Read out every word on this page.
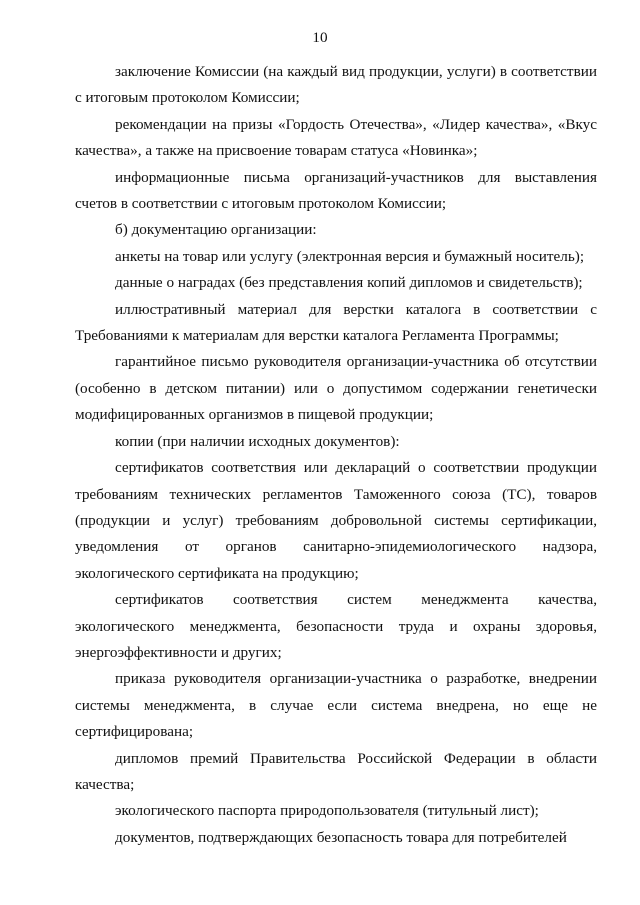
10

заключение Комиссии (на каждый вид продукции, услуги) в соответствии с итоговым протоколом Комиссии;

рекомендации на призы «Гордость Отечества», «Лидер качества», «Вкус качества», а также на присвоение товарам статуса «Новинка»;

информационные письма организаций-участников для выставления счетов в соответствии с итоговым протоколом Комиссии;

б) документацию организации:

анкеты на товар или услугу (электронная версия и бумажный носитель);

данные о наградах (без представления копий дипломов и свидетельств);

иллюстративный материал для верстки каталога в соответствии с Требованиями к материалам для верстки каталога Регламента Программы;

гарантийное письмо руководителя организации-участника об отсутствии (особенно в детском питании) или о допустимом содержании генетически модифицированных организмов в пищевой продукции;

копии (при наличии исходных документов):

сертификатов соответствия или деклараций о соответствии продукции требованиям технических регламентов Таможенного союза (ТС), товаров (продукции и услуг) требованиям добровольной системы сертификации, уведомления от органов санитарно-эпидемиологического надзора, экологического сертификата на продукцию;

сертификатов соответствия систем менеджмента качества, экологического менеджмента, безопасности труда и охраны здоровья, энергоэффективности и других;

приказа руководителя организации-участника о разработке, внедрении системы менеджмента, в случае если система внедрена, но еще не сертифицирована;

дипломов премий Правительства Российской Федерации в области качества;

экологического паспорта природопользователя (титульный лист);

документов, подтверждающих безопасность товара для потребителей
